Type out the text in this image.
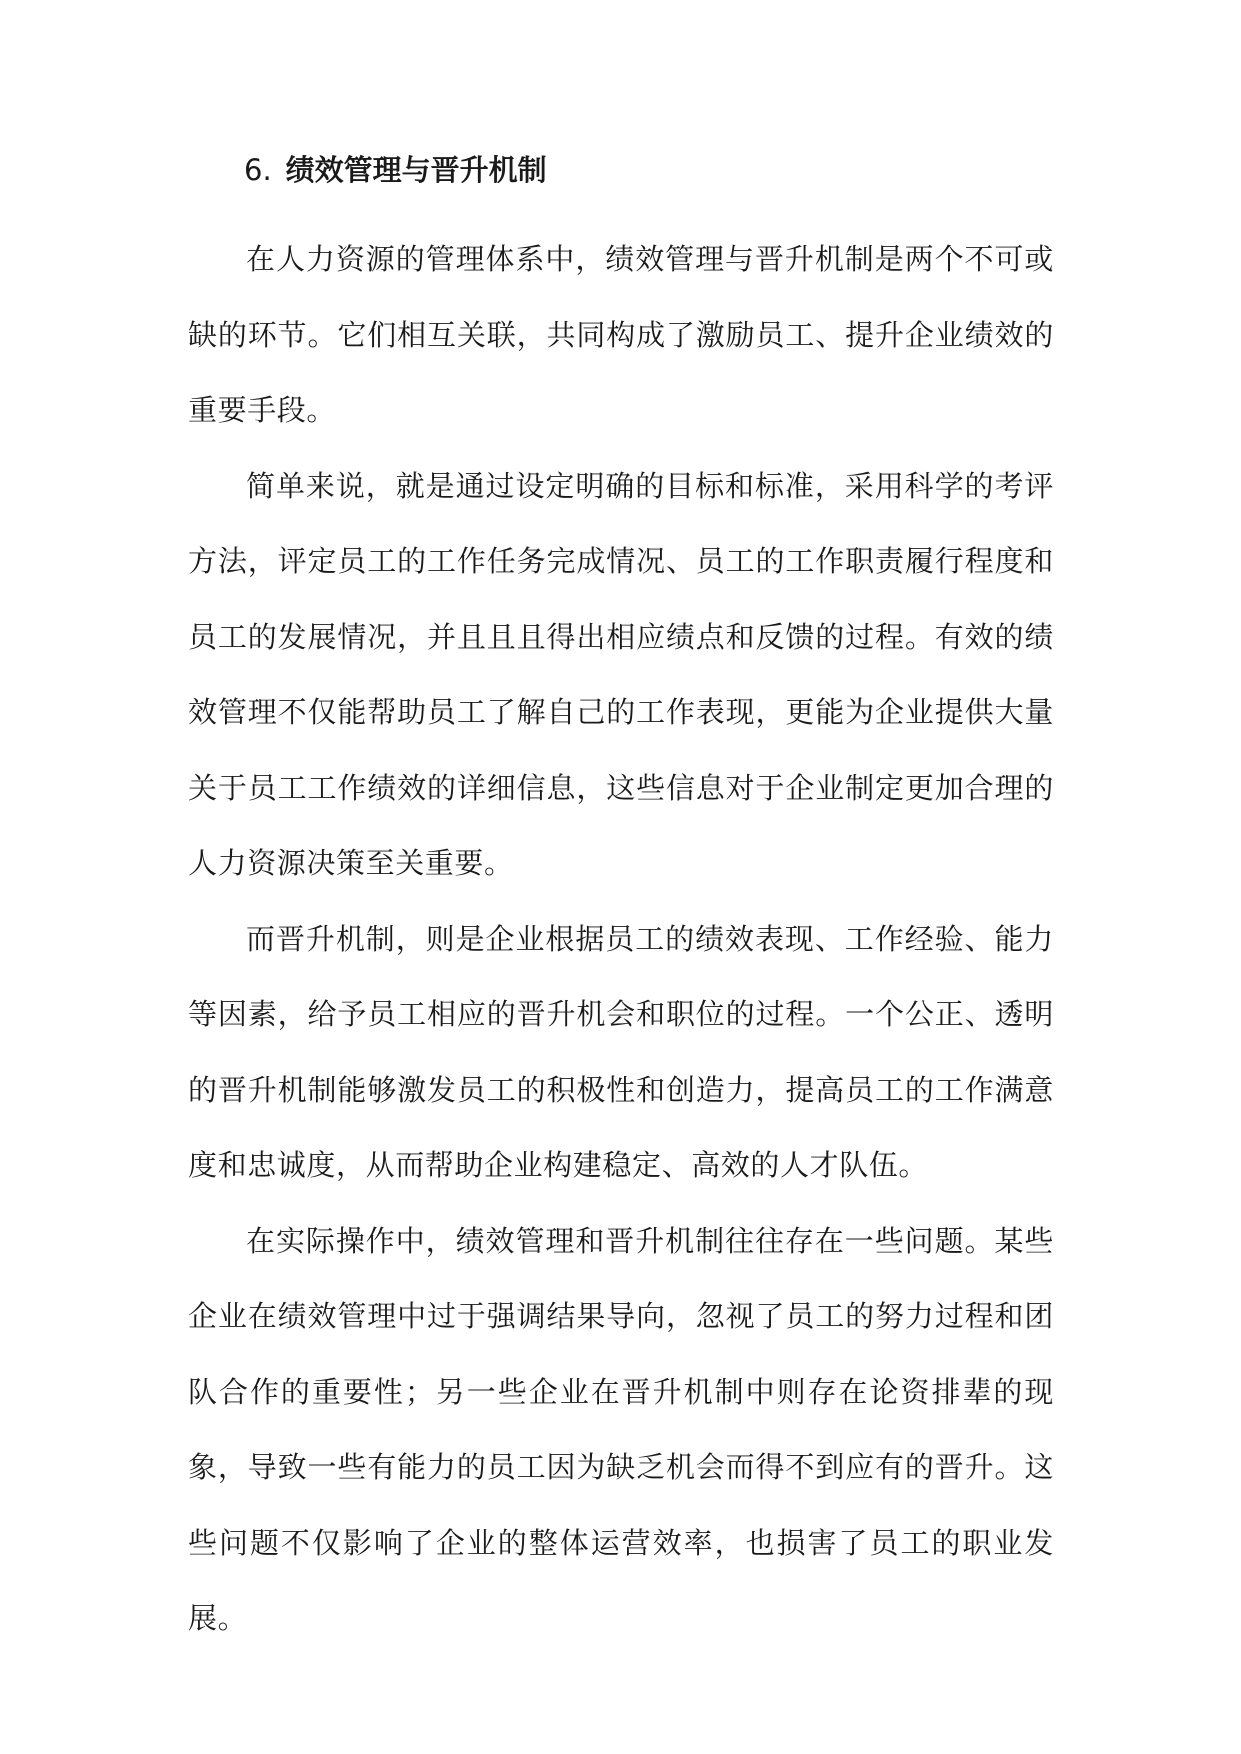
6. 绩效管理与晋升机制

在人力资源的管理体系中，绩效管理与晋升机制是两个不可或缺的环节。它们相互关联，共同构成了激励员工、提升企业绩效的重要手段。

简单来说，就是通过设定明确的目标和标准，采用科学的考评方法，评定员工的工作任务完成情况、员工的工作职责履行程度和员工的发展情况，并且且且得出相应绩点和反馈的过程。有效的绩效管理不仅能帮助员工了解自己的工作表现，更能为企业提供大量关于员工工作绩效的详细信息，这些信息对于企业制定更加合理的人力资源决策至关重要。

而晋升机制，则是企业根据员工的绩效表现、工作经验、能力等因素，给予员工相应的晋升机会和职位的过程。一个公正、透明的晋升机制能够激发员工的积极性和创造力，提高员工的工作满意度和忠诚度，从而帮助企业构建稳定、高效的人才队伍。

在实际操作中，绩效管理和晋升机制往往存在一些问题。某些企业在绩效管理中过于强调结果导向，忽视了员工的努力过程和团队合作的重要性；另一些企业在晋升机制中则存在论资排辈的现象，导致一些有能力的员工因为缺乏机会而得不到应有的晋升。这些问题不仅影响了企业的整体运营效率，也损害了员工的职业发展。
